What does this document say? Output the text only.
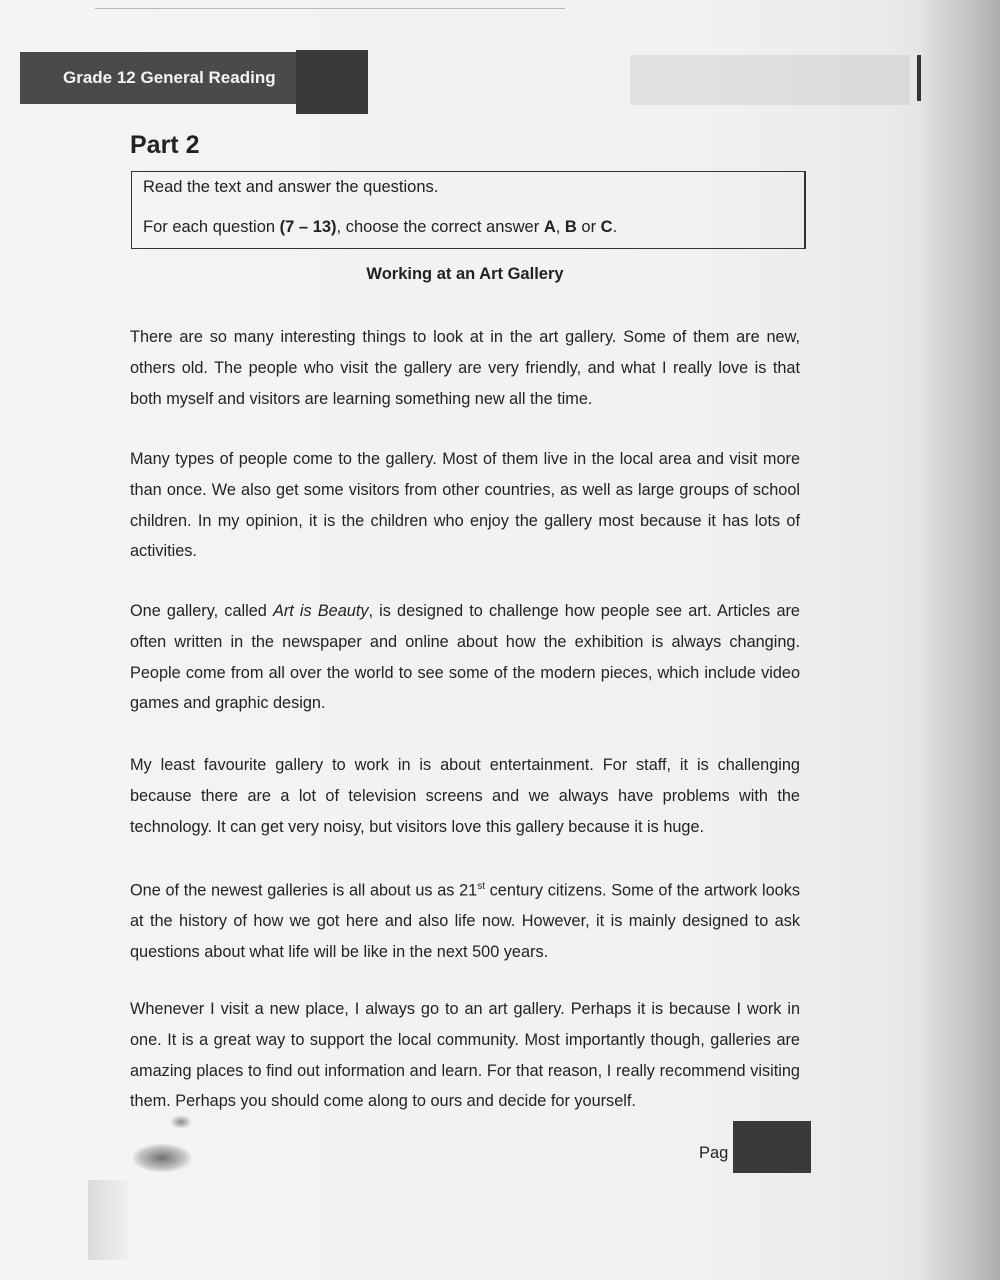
Grade 12 General Reading
Part 2
Read the text and answer the questions.
For each question (7 – 13), choose the correct answer A, B or C.
Working at an Art Gallery
There are so many interesting things to look at in the art gallery. Some of them are new, others old. The people who visit the gallery are very friendly, and what I really love is that both myself and visitors are learning something new all the time.
Many types of people come to the gallery. Most of them live in the local area and visit more than once. We also get some visitors from other countries, as well as large groups of school children. In my opinion, it is the children who enjoy the gallery most because it has lots of activities.
One gallery, called Art is Beauty, is designed to challenge how people see art. Articles are often written in the newspaper and online about how the exhibition is always changing. People come from all over the world to see some of the modern pieces, which include video games and graphic design.
My least favourite gallery to work in is about entertainment. For staff, it is challenging because there are a lot of television screens and we always have problems with the technology. It can get very noisy, but visitors love this gallery because it is huge.
One of the newest galleries is all about us as 21st century citizens. Some of the artwork looks at the history of how we got here and also life now. However, it is mainly designed to ask questions about what life will be like in the next 500 years.
Whenever I visit a new place, I always go to an art gallery. Perhaps it is because I work in one. It is a great way to support the local community. Most importantly though, galleries are amazing places to find out information and learn. For that reason, I really recommend visiting them. Perhaps you should come along to ours and decide for yourself.
Pag
